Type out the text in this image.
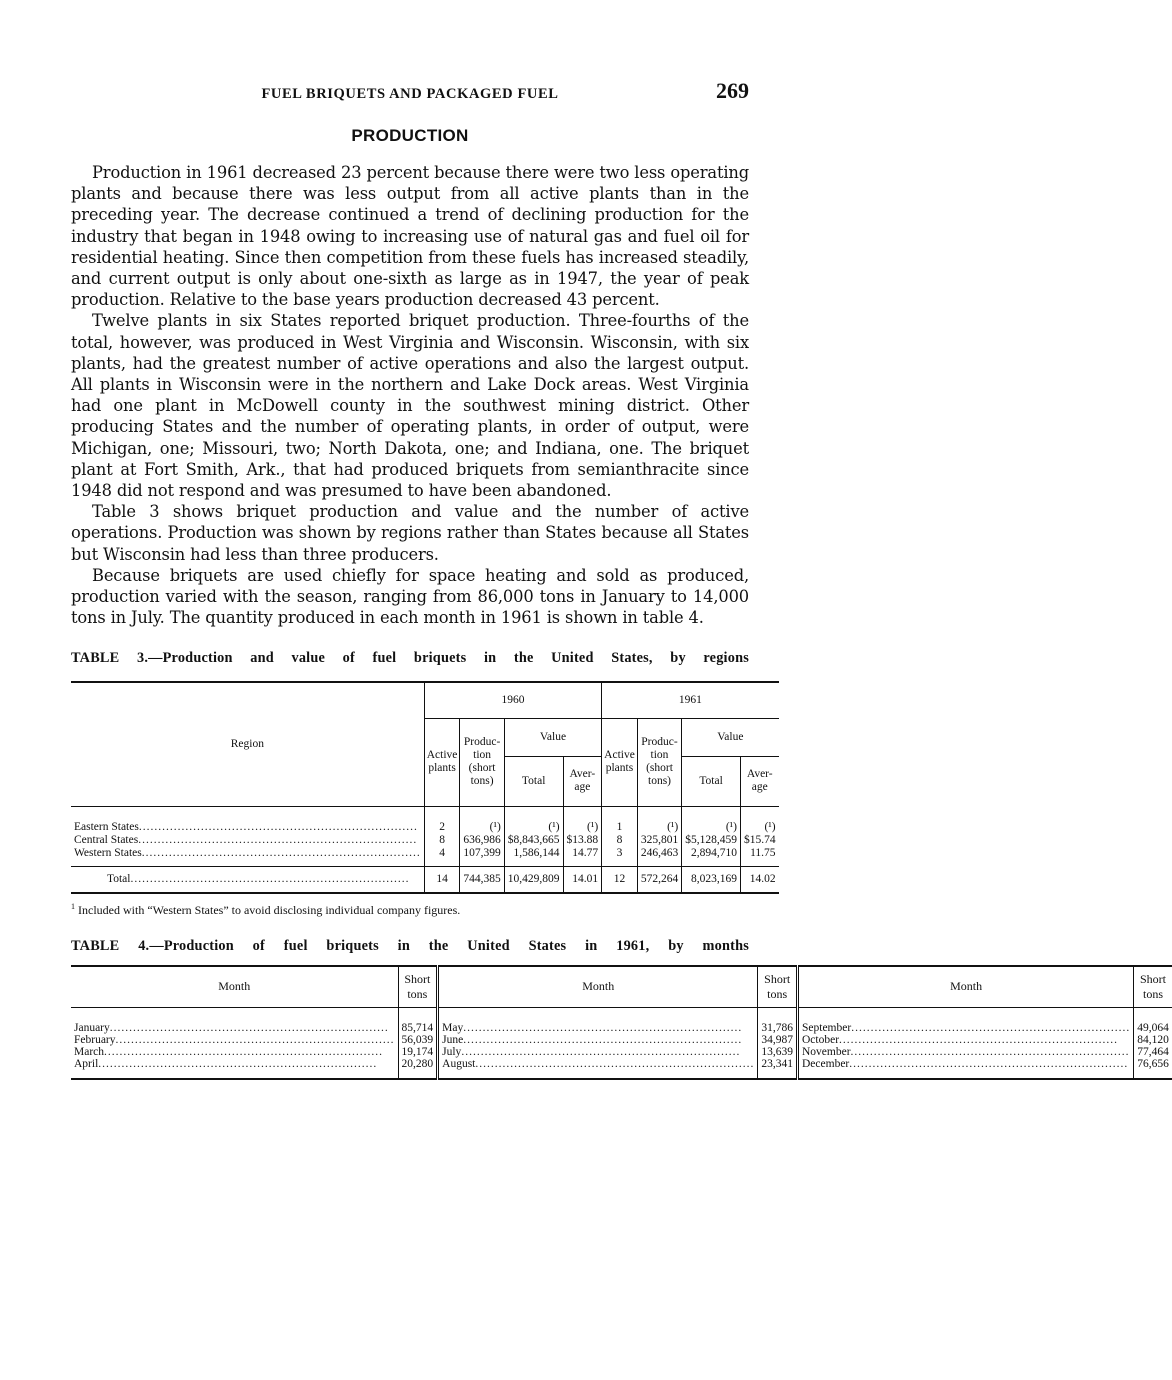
FUEL BRIQUETS AND PACKAGED FUEL	269
PRODUCTION

Production in 1961 decreased 23 percent because there were two less operating plants and because there was less output from all active plants than in the preceding year. The decrease continued a trend of declining production for the industry that began in 1948 owing to increasing use of natural gas and fuel oil for residential heating. Since then competition from these fuels has increased steadily, and current output is only about one-sixth as large as in 1947, the year of peak production. Relative to the base years production decreased 43 percent.

Twelve plants in six States reported briquet production. Three-fourths of the total, however, was produced in West Virginia and Wisconsin. Wisconsin, with six plants, had the greatest number of active operations and also the largest output. All plants in Wisconsin were in the northern and Lake Dock areas. West Virginia had one plant in McDowell county in the southwest mining district. Other producing States and the number of operating plants, in order of output, were Michigan, one; Missouri, two; North Dakota, one; and Indiana, one. The briquet plant at Fort Smith, Ark., that had produced briquets from semianthracite since 1948 did not respond and was presumed to have been abandoned.

Table 3 shows briquet production and value and the number of active operations. Production was shown by regions rather than States because all States but Wisconsin had less than three producers.

Because briquets are used chiefly for space heating and sold as produced, production varied with the season, ranging from 86,000 tons in January to 14,000 tons in July. The quantity produced in each month in 1961 is shown in table 4.

TABLE 3.—Production and value of fuel briquets in the United States, by regions
Region	1960				1961			
	Active plants	Produc- tion (short tons)	Value		Active plants	Produc- tion (short tons)	Value	
			Total	Aver- age			Total	Aver- age
Eastern States .....	2	(¹)	(¹)	(¹)	1	(¹)	(¹)	(¹)
Central States .....	8	636,986	$8,843,665	$13.88	8	325,801	$5,128,459	$15.74
Western States .....	4	107,399	1,586,144	14.77	3	246,463	2,894,710	11.75
Total .....	14	744,385	10,429,809	14.01	12	572,264	8,023,169	14.02
$^1$ Included with “Western States” to avoid disclosing individual company figures.
TABLE 4.—Production of fuel briquets in the United States in 1961, by months
Month	Short tons	Month	Short tons	Month	Short tons
January .....	85,714	May .....	31,786	September .....	49,064
February .....	56,039	June .....	34,987	October .....	84,120
March .....	19,174	July .....	13,639	November .....	77,464
April .....	20,280	August .....	23,341	December .....	76,656
